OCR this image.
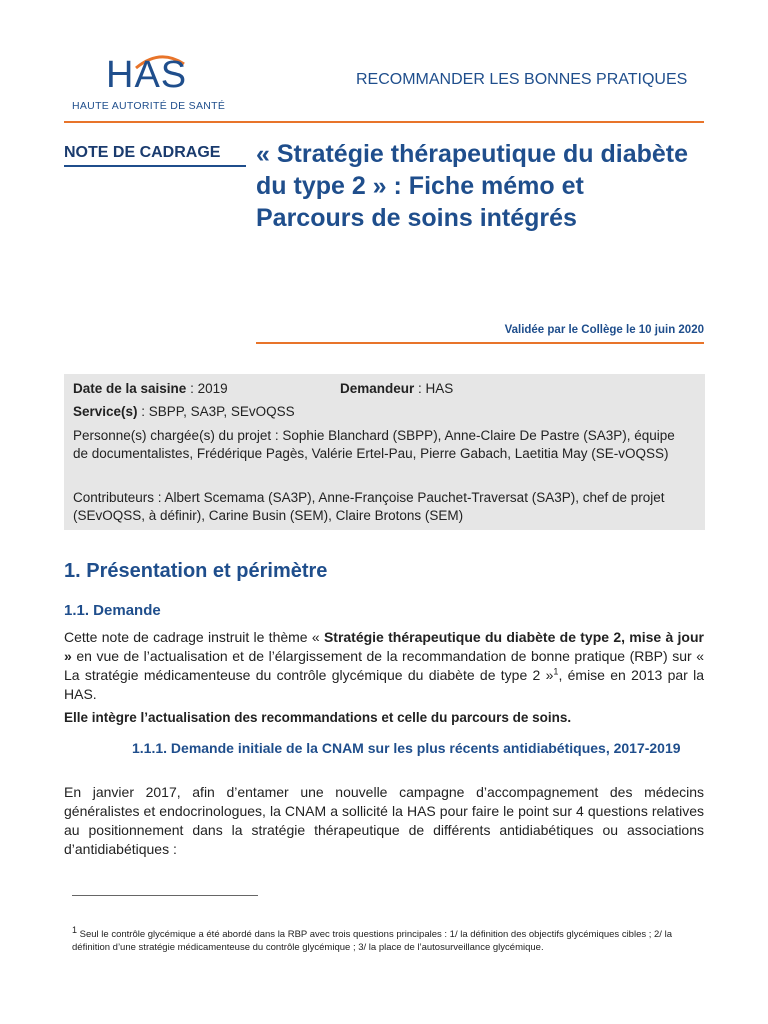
HAS
HAUTE AUTORITÉ DE SANTÉ
RECOMMANDER LES BONNES PRATIQUES
NOTE DE CADRAGE « Stratégie thérapeutique du diabète du type 2 » : Fiche mémo et Parcours de soins intégrés
Validée par le Collège le 10 juin 2020
Date de la saisine : 2019	Demandeur : HAS
Service(s) : SBPP, SA3P, SEvOQSS
Personne(s) chargée(s) du projet : Sophie Blanchard (SBPP), Anne-Claire De Pastre (SA3P), équipe de documentalistes, Frédérique Pagès, Valérie Ertel-Pau, Pierre Gabach, Laetitia May (SE-vOQSS)
Contributeurs : Albert Scemama (SA3P), Anne-Françoise Pauchet-Traversat (SA3P), chef de projet (SEvOQSS, à définir), Carine Busin (SEM), Claire Brotons (SEM)
1. Présentation et périmètre
1.1. Demande
Cette note de cadrage instruit le thème « Stratégie thérapeutique du diabète de type 2, mise à jour » en vue de l’actualisation et de l’élargissement de la recommandation de bonne pratique (RBP) sur « La stratégie médicamenteuse du contrôle glycémique du diabète de type 2 »$^1$, émise en 2013 par la HAS.
Elle intègre l’actualisation des recommandations et celle du parcours de soins.
1.1.1. Demande initiale de la CNAM sur les plus récents antidiabétiques, 2017-2019
En janvier 2017, afin d’entamer une nouvelle campagne d’accompagnement des médecins généralistes et endocrinologues, la CNAM a sollicité la HAS pour faire le point sur 4 questions relatives au positionnement dans la stratégie thérapeutique de différents antidiabétiques ou associations d’antidiabétiques :
$^1$ Seul le contrôle glycémique a été abordé dans la RBP avec trois questions principales : 1/ la définition des objectifs glycémiques cibles ; 2/ la définition d’une stratégie médicamenteuse du contrôle glycémique ; 3/ la place de l’autosurveillance glycémique.
